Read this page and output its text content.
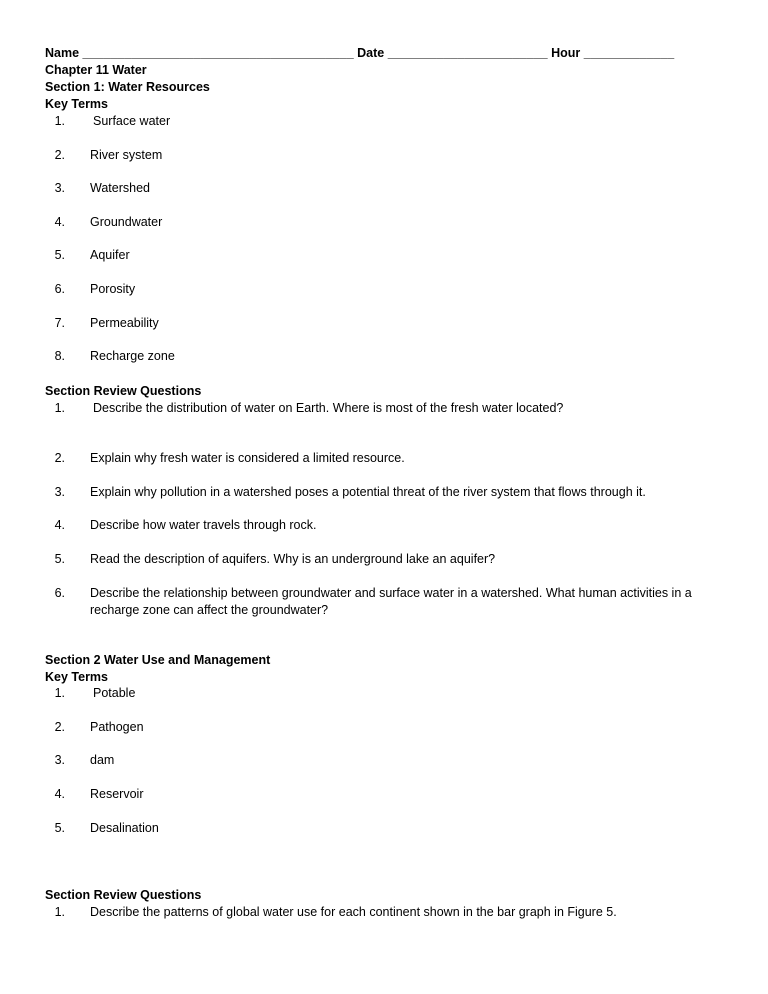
Name _______________________________________ Date _______________________ Hour _____________
Chapter 11 Water
Section 1: Water Resources
Key Terms
1. Surface water
2. River system
3. Watershed
4. Groundwater
5. Aquifer
6. Porosity
7. Permeability
8. Recharge zone
Section Review Questions
1. Describe the distribution of water on Earth. Where is most of the fresh water located?
2. Explain why fresh water is considered a limited resource.
3. Explain why pollution in a watershed poses a potential threat of the river system that flows through it.
4. Describe how water travels through rock.
5. Read the description of aquifers. Why is an underground lake an aquifer?
6. Describe the relationship between groundwater and surface water in a watershed. What human activities in a
recharge zone can affect the groundwater?
Section 2 Water Use and Management
Key Terms
1. Potable
2. Pathogen
3. dam
4. Reservoir
5. Desalination
Section Review Questions
1. Describe the patterns of global water use for each continent shown in the bar graph in Figure 5.
